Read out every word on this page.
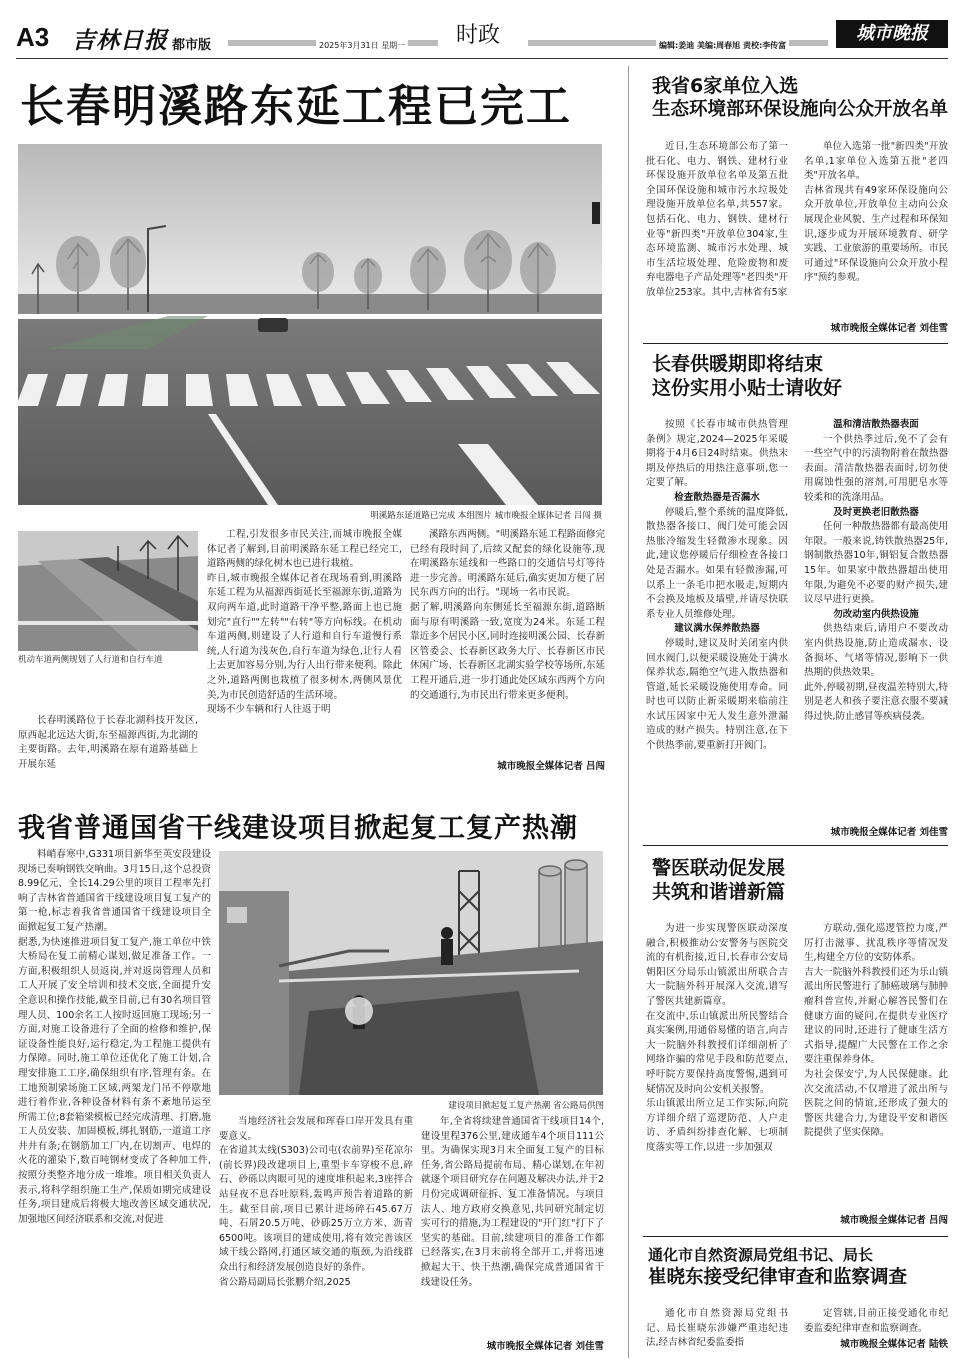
A3 吉林日报 都市版	2025年3月31日 星期一 时政	编辑:姜迪 美编:周春旭 责校:李传富
城市晚报
长春明溪路东延工程已完工
明溪路东延道路已完成 本组图片 城市晚报全媒体记者 吕闯 摄
机动车道两侧规划了人行道和自行车道
长春明溪路位于长春北湖科技开发区,原西起北远达大街,东至福源西街,为北湖的主要街路。去年,明溪路在原有道路基础上开展东延
工程,引发很多市民关注,而城市晚报全媒体记者了解到,目前明溪路东延工程已经完工,道路两侧的绿化树木也已进行栽植。
昨日,城市晚报全媒体记者在现场看到,明溪路东延工程为从福源西街延长至福源东街,道路为双向两车道,此时道路干净平整,路面上也已施划完"直行""左转""右转"等方向标线。在机动车道两侧,则建设了人行道和自行车道慢行系统,人行道为浅灰色,自行车道为绿色,让行人看上去更加容易分别,为行人出行带来便利。除此之外,道路两侧也栽植了很多树木,两侧风景优美,为市民创造舒适的生活环境。
现场不少车辆和行人往返于明
溪路东西两侧。"明溪路东延工程路面修完已经有段时间了,后续又配套的绿化设施等,现在明溪路东延线和一些路口的交通信号灯等待进一步完善。明溪路东延后,确实更加方便了居民东西方向的出行。"现场一名市民说。
据了解,明溪路向东侧延长至福源东街,道路断面与原有明溪路一致,宽度为24米。东延工程靠近多个居民小区,同时连接明溪公园、长春新区管委会、长春新区政务大厅、长春新区市民休闲广场、长春新区北湖实验学校等场所,东延工程开通后,进一步打通此处区域东西两个方向的交通通行,为市民出行带来更多便利。
城市晚报全媒体记者 吕闯
我省普通国省干线建设项目掀起复工复产热潮
建设项目掀起复工复产热潮 省公路局供图
料峭春寒中,G331项目新华至英安段建设现场已奏响钢铁交响曲。3月15日,这个总投资8.99亿元、全长14.29公里的项目工程率先打响了吉林省普通国省干线建设项目复工复产的第一枪,标志着我省普通国省干线建设项目全面掀起复工复产热潮。
据悉,为快速推进项目复工复产,施工单位中铁大桥局在复工前精心谋划,做足准备工作。一方面,积极组织人员返岗,并对返岗管理人员和工人开展了安全培训和技术交底,全面提升安全意识和操作技能,截至目前,已有30名项目管理人员、100余名工人按时返回施工现场;另一方面,对施工设备进行了全面的检修和维护,保证设备性能良好,运行稳定,为工程施工提供有力保障。同时,施工单位还优化了施工计划,合理安排施工工序,确保组织有序,管理有条。在工地预制梁场施工区域,两架龙门吊不停歇地进行着作业,各种设备材料有条不紊地吊运至所需工位;8套箱梁模板已经完成清理、打磨,施工人员安装、加固模板,绑扎钢筋,一道道工序井井有条;在钢筋加工厂内,在切割声、电焊的火花的灌染下,数百吨钢材变成了各种加工件,按照分类整齐地分成一堆堆。项目相关负责人表示,将科学组织施工生产,保质如期完成建设任务,项目建成后将极大地改善区域交通状况,加强地区间经济联系和交流,对促进
当地经济社会发展和珲春口岸开发具有重要意义。
在省道其太线(S303)公司屯(农前界)至花凉尔(前长界)段改建项目上,重型卡车穿梭不息,碎石、砂砾以肉眼可见的速度堆积起来,3座拌合站昼夜不息吞吐原料,轰鸣声预告着道路的新生。截至目前,项目已累计进场碎石45.67万吨、石屑20.5万吨、砂砾25万立方米、沥青6500吨。该项目的建成使用,将有效完善该区域干线公路网,打通区域交通的瓶颈,为沿线群众出行和经济发展创造良好的条件。
省公路局副局长张鹏介绍,2025
年,全省将续建普通国省干线项目14个,建设里程376公里,建成通车4个项目111公里。为确保实现3月末全面复工复产的目标任务,省公路局提前布局、精心谋划,在年初就逐个项目研究存在问题及解决办法,并于2月份完成调研征拆、复工准备情况。与项目法人、地方政府交换意见,共同研究制定切实可行的措施,为工程建设的"开门红"打下了坚实的基础。目前,续建项目的准备工作都已经落实,在3月末前将全部开工,并将迅速掀起大干、快干热潮,确保完成普通国省干线建设任务。
城市晚报全媒体记者 刘佳雪
我省6家单位入选
生态环境部环保设施向公众开放名单
近日,生态环境部公布了第一批石化、电力、钢铁、建材行业环保设施开放单位名单及第五批全国环保设施和城市污水垃圾处理设施开放单位名单,共557家。包括石化、电力、钢铁、建材行业等"新四类"开放单位304家,生态环境监测、城市污水处理、城市生活垃圾处理、危险废物和废弃电器电子产品处理等"老四类"开放单位253家。其中,吉林省有5家
单位入选第一批"新四类"开放名单,1家单位入选第五批"老四类"开放名单。
吉林省现共有49家环保设施向公众开放单位,开放单位主动向公众展现企业风貌、生产过程和环保知识,逐步成为开展环境教育、研学实践、工业旅游的重要场所。市民可通过"环保设施向公众开放小程序"预约参观。
城市晚报全媒体记者 刘佳雪
长春供暖期即将结束
这份实用小贴士请收好
按照《长春市城市供热管理条例》规定,2024—2025年采暖期将于4月6日24时结束。供热末期及停热后的用热注意事项,您一定要了解。
检查散热器是否漏水
停暖后,整个系统的温度降低,散热器各接口、阀门处可能会因热胀冷缩发生轻微渗水现象。因此,建议您停暖后仔细检查各接口处是否漏水。如果有轻微渗漏,可以系上一条毛巾把水吸走,短期内不会换及地板及墙壁,并请尽快联系专业人员维修处理。
建议满水保养散热器
停暖时,建议及时关闭室内供回水阀门,以便采暖设施处于满水保养状态,隔绝空气进入散热器和管道,延长采暖设施使用寿命。同时也可以防止新采暖期来临前注水试压因家中无人发生意外泄漏造成的财产损失。特别注意,在下个供热季前,要重新打开阀门。
温和清洁散热器表面
一个供热季过后,免不了会有一些空气中的污渍物附着在散热器表面。清洁散热器表面时,切勿使用腐蚀性强的溶剂,可用肥皂水等较柔和的洗涤用品。
及时更换老旧散热器
任何一种散热器都有最高使用年限。一般来说,铸铁散热器25年,钢制散热器10年,铜铝复合散热器15年。如果家中散热器超出使用年限,为避免不必要的财产损失,建议尽早进行更换。
勿改动室内供热设施
供热结束后,请用户不要改动室内供热设施,防止造成漏水、设备损坏、气堵等情况,影响下一供热期的供热效果。
此外,停暖初期,昼夜温差特别大,特别是老人和孩子要注意衣服不要减得过快,防止感冒等疾病侵袭。
城市晚报全媒体记者 刘佳雪
警医联动促发展
共筑和谐谱新篇
为进一步实现警医联动深度融合,积极推动公安警务与医院交流的有机衔接,近日,长春市公安局朝阳区分局乐山镇派出所联合吉大一院脑外科开展深入交流,谱写了警医共建新篇章。
在交流中,乐山镇派出所民警结合真实案例,用通俗易懂的语言,向吉大一院脑外科教授们详细剖析了网络诈骗的常见手段和防范要点,呼吁院方要保持高度警惕,遇到可疑情况及时向公安机关报警。
乐山镇派出所立足工作实际,向院方详细介绍了巡逻防范、人户走访、矛盾纠纷排查化解、七项制度落实等工作,以进一步加强双
方联动,强化巡逻管控力度,严厉打击滋事、扰乱秩序等情况发生,构建全方位的安防体系。
吉大一院脑外科教授们还为乐山镇派出所民警进行了肺癌玻璃与肺肿瘤科普宣传,并耐心解答民警们在健康方面的疑问,在提供专业医疗建议的同时,还进行了健康生活方式指导,提醒广大民警在工作之余要注重保养身体。
为社会保安宁,为人民保健康。此次交流活动,不仅增进了派出所与医院之间的情谊,还形成了强大的警医共建合力,为建设平安和谐医院提供了坚实保障。
城市晚报全媒体记者 吕闯
通化市自然资源局党组书记、局长
崔晓东接受纪律审查和监察调查
通化市自然资源局党组书记、局长崔晓东涉嫌严重违纪违法,经吉林省纪委监委指
定管辖,目前正接受通化市纪委监委纪律审查和监察调查。
城市晚报全媒体记者 陆铁
